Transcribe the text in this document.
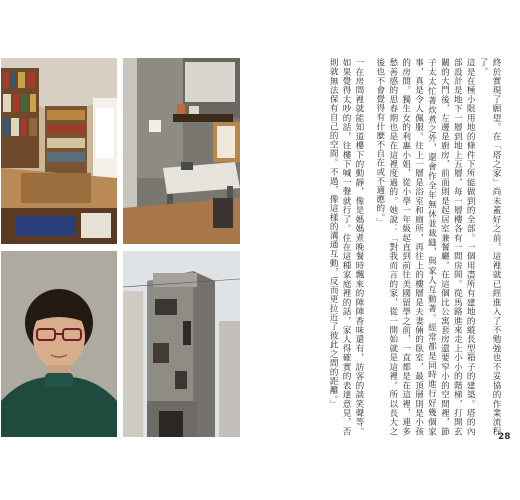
終於實現了願望。在「塔之家」尚未蓋好之前，這裡就已經進入了不勉強也不妥協的作業流程了。

這是在極小限用地的條件下所能做到的全部。一個用盡所有建地的縱長型箱子的建築。塔的內部設計是地下一層到地上五層，每一層樓各有一間房間。從馬路進來走上小小的階梯，打開玄關的大門後，左邊是廚房，前面則是起居室兼餐廳。在這個比公寓套房還要窄小的空間裡，節子太太忙著炊煮之外，還會作全年無休並裁縫，與家人互動著。經常都是同時進行好幾個家事，真是令人佩服。往上一層是浴室和廁所，再往上的樓層是夫妻倆的臥室，最頂層則是小孩的房間。獨生女的利惠小姐，從小學一年級起直到前往美國留學之前，一直都是在這裡，連多愁善感的思春期也是在這裡度過的。她說：「對我而言的家，從一開始就是這裡。所以長大之後也不會覺得有什麼不自在或不適應的。」

一在房間裡就能知道樓下的動靜，像是媽媽煮晚餐時飄來的陣陣香味還有，訪客的談笑聲等。如果覺得太吵的話，往樓下喊一聲就行了。住在這種家庭裡的話，家人得確實的表達意見，否則就無法保有自己的空間。不過，像這樣的溝通互動，反而更拉近了彼此之間的距離。」

28
